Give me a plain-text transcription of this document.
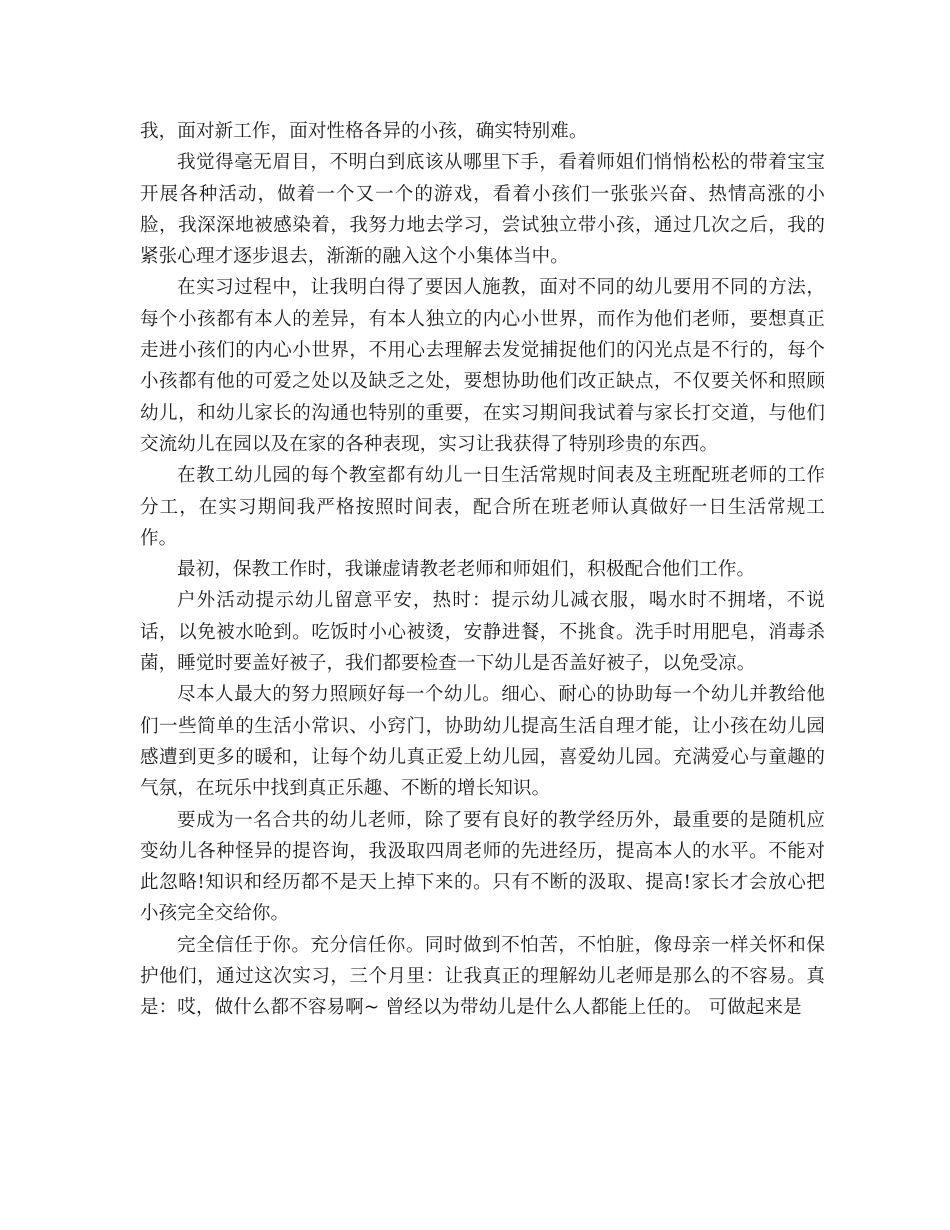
我，面对新工作，面对性格各异的小孩，确实特别难。

我觉得毫无眉目，不明白到底该从哪里下手，看着师姐们悄悄松松的带着宝宝开展各种活动，做着一个又一个的游戏，看着小孩们一张张兴奋、热情高涨的小脸，我深深地被感染着，我努力地去学习，尝试独立带小孩，通过几次之后，我的紧张心理才逐步退去，渐渐的融入这个小集体当中。

在实习过程中，让我明白得了要因人施教，面对不同的幼儿要用不同的方法，每个小孩都有本人的差异，有本人独立的内心小世界，而作为他们老师，要想真正走进小孩们的内心小世界，不用心去理解去发觉捕捉他们的闪光点是不行的，每个小孩都有他的可爱之处以及缺乏之处，要想协助他们改正缺点，不仅要关怀和照顾幼儿，和幼儿家长的沟通也特别的重要，在实习期间我试着与家长打交道，与他们交流幼儿在园以及在家的各种表现，实习让我获得了特别珍贵的东西。

在教工幼儿园的每个教室都有幼儿一日生活常规时间表及主班配班老师的工作分工，在实习期间我严格按照时间表，配合所在班老师认真做好一日生活常规工作。

最初，保教工作时，我谦虚请教老老师和师姐们，积极配合他们工作。

户外活动提示幼儿留意平安，热时：提示幼儿减衣服，喝水时不拥堵，不说话，以免被水呛到。吃饭时小心被烫，安静进餐，不挑食。洗手时用肥皂，消毒杀菌，睡觉时要盖好被子，我们都要检查一下幼儿是否盖好被子，以免受凉。

尽本人最大的努力照顾好每一个幼儿。细心、耐心的协助每一个幼儿并教给他们一些简单的生活小常识、小窍门，协助幼儿提高生活自理才能，让小孩在幼儿园感遭到更多的暖和，让每个幼儿真正爱上幼儿园，喜爱幼儿园。充满爱心与童趣的气氛，在玩乐中找到真正乐趣、不断的增长知识。

要成为一名合共的幼儿老师，除了要有良好的教学经历外，最重要的是随机应变幼儿各种怪异的提咨询，我汲取四周老师的先进经历，提高本人的水平。不能对此忽略!知识和经历都不是天上掉下来的。只有不断的汲取、提高!家长才会放心把小孩完全交给你。

完全信任于你。充分信任你。同时做到不怕苦，不怕脏，像母亲一样关怀和保护他们，通过这次实习，三个月里：让我真正的理解幼儿老师是那么的不容易。真是：哎，做什么都不容易啊~ 曾经以为带幼儿是什么人都能上任的。 可做起来是
